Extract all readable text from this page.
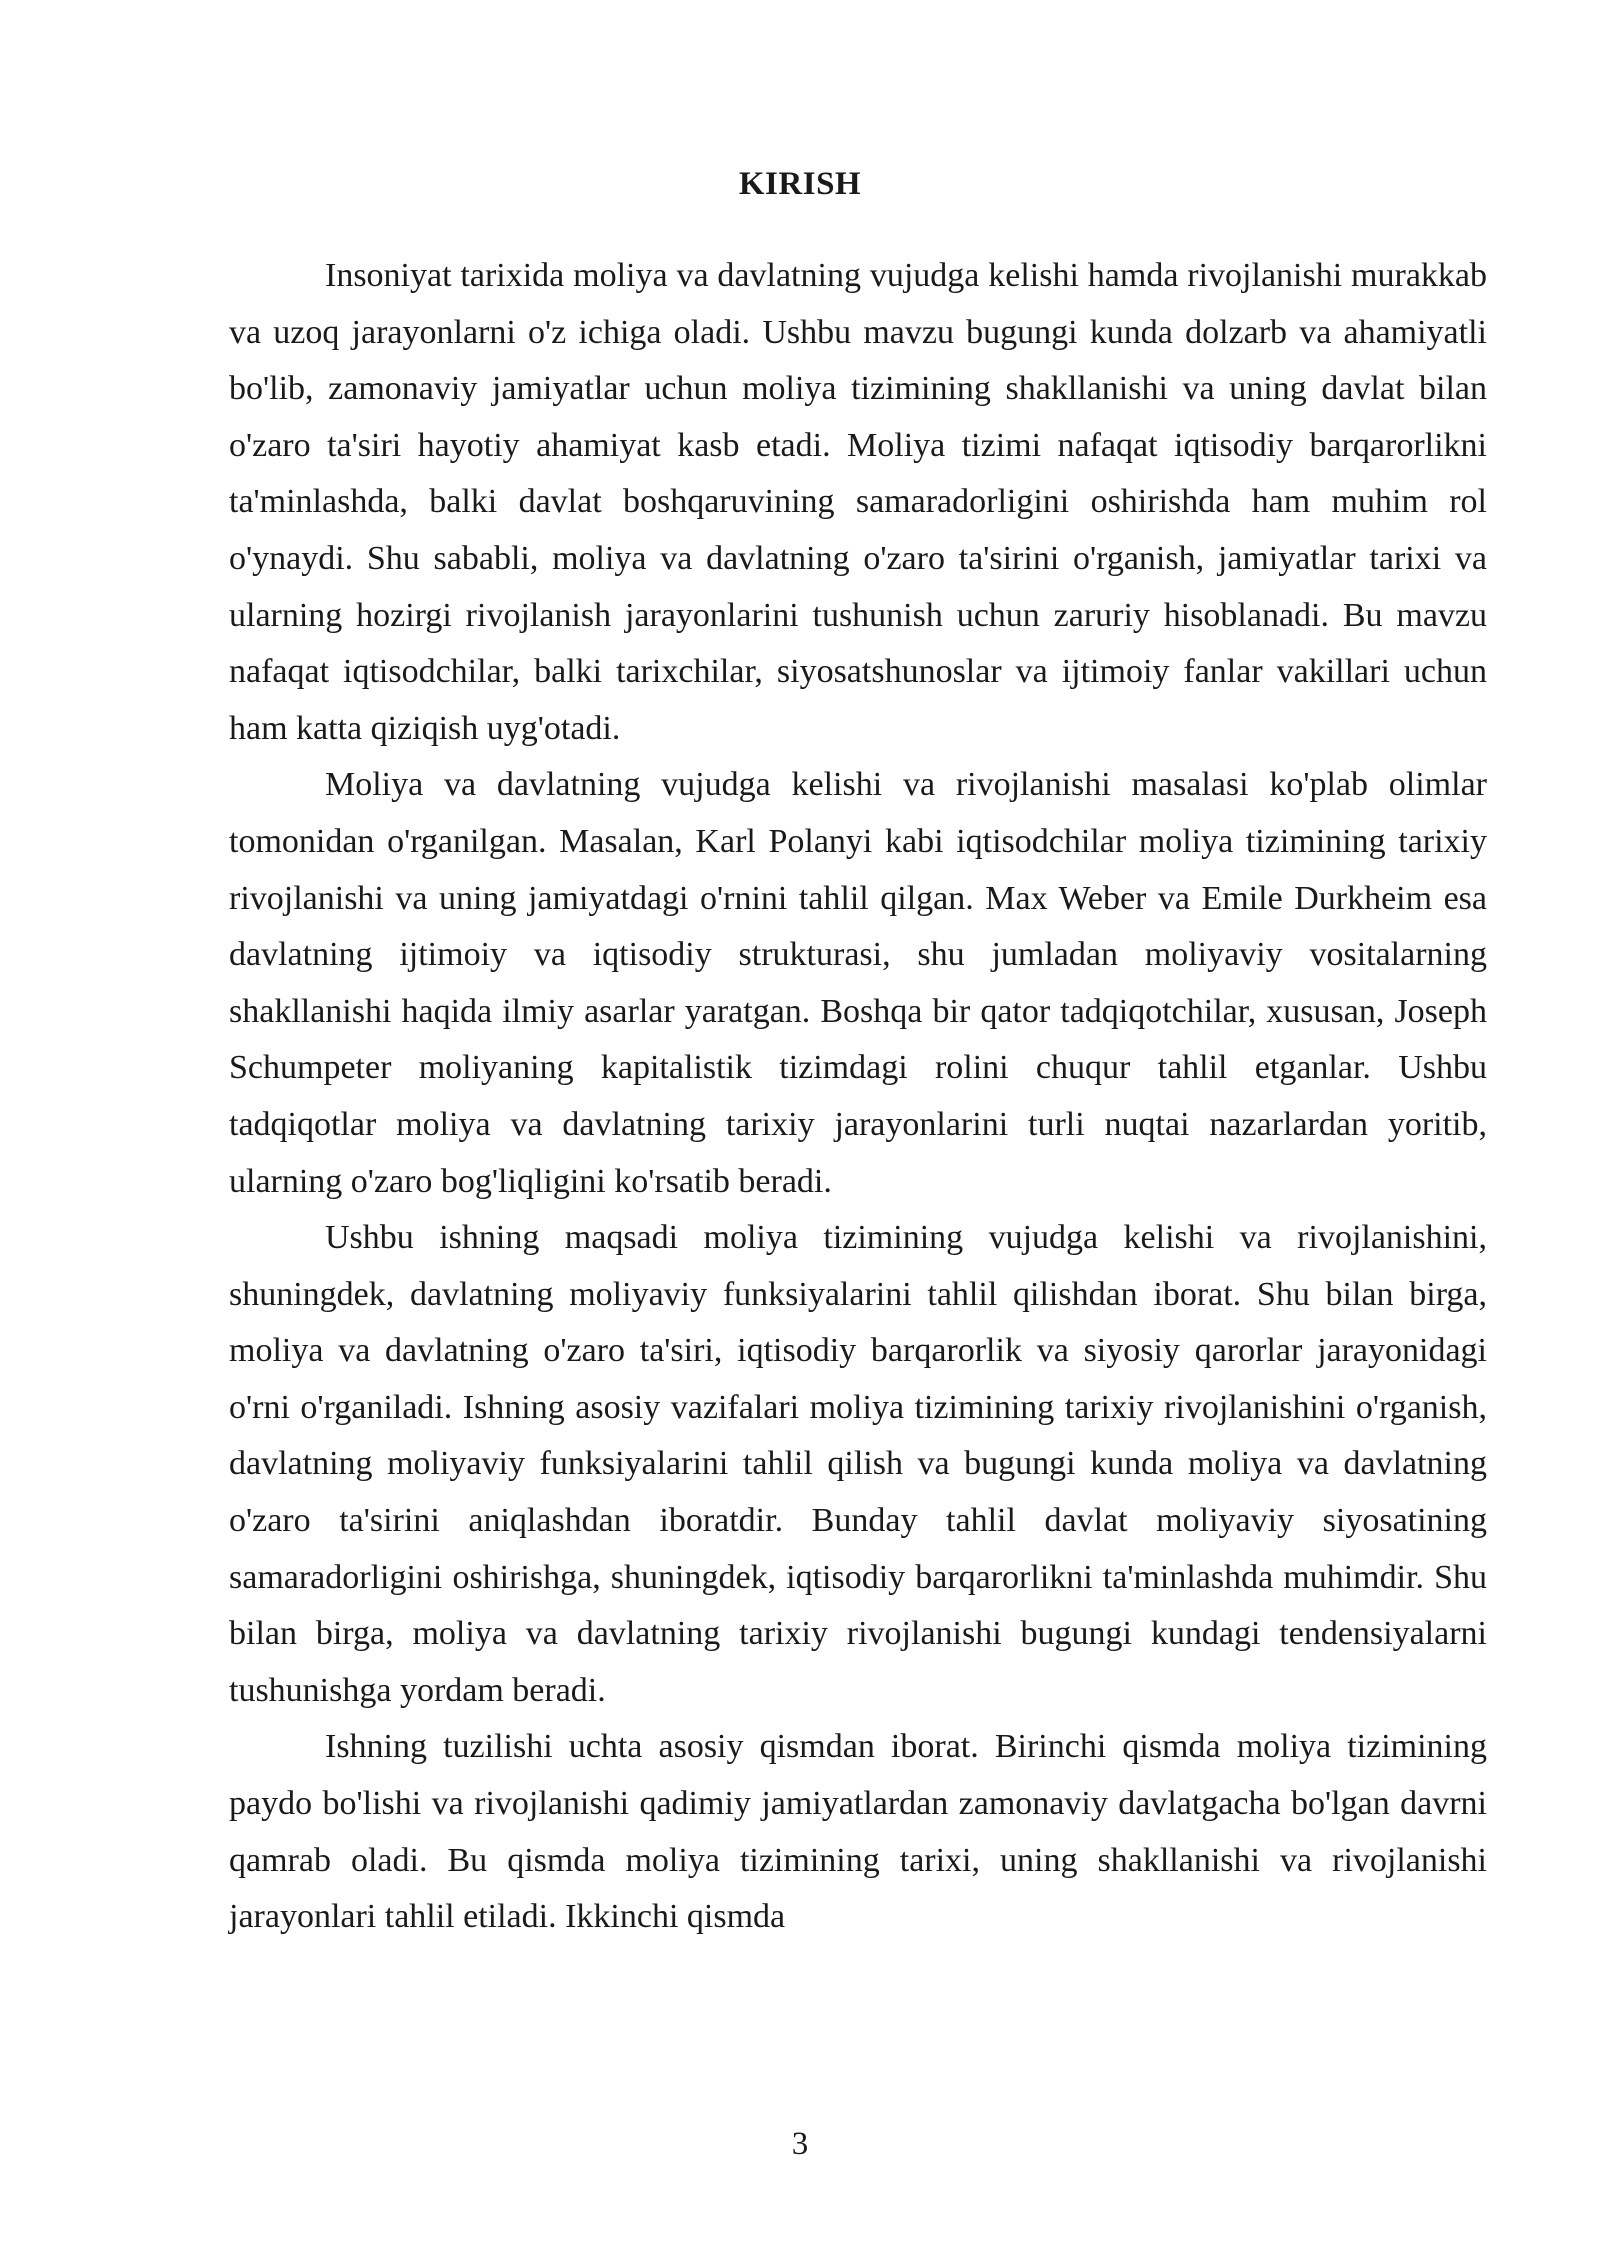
KIRISH

Insoniyat tarixida moliya va davlatning vujudga kelishi hamda rivojlanishi murakkab va uzoq jarayonlarni o'z ichiga oladi. Ushbu mavzu bugungi kunda dolzarb va ahamiyatli bo'lib, zamonaviy jamiyatlar uchun moliya tizimining shakllanishi va uning davlat bilan o'zaro ta'siri hayotiy ahamiyat kasb etadi. Moliya tizimi nafaqat iqtisodiy barqarorlikni ta'minlashda, balki davlat boshqaruvining samaradorligini oshirishda ham muhim rol o'ynaydi. Shu sababli, moliya va davlatning o'zaro ta'sirini o'rganish, jamiyatlar tarixi va ularning hozirgi rivojlanish jarayonlarini tushunish uchun zaruriy hisoblanadi. Bu mavzu nafaqat iqtisodchilar, balki tarixchilar, siyosatshunoslar va ijtimoiy fanlar vakillari uchun ham katta qiziqish uyg'otadi.

Moliya va davlatning vujudga kelishi va rivojlanishi masalasi ko'plab olimlar tomonidan o'rganilgan. Masalan, Karl Polanyi kabi iqtisodchilar moliya tizimining tarixiy rivojlanishi va uning jamiyatdagi o'rnini tahlil qilgan. Max Weber va Emile Durkheim esa davlatning ijtimoiy va iqtisodiy strukturasi, shu jumladan moliyaviy vositalarning shakllanishi haqida ilmiy asarlar yaratgan. Boshqa bir qator tadqiqotchilar, xususan, Joseph Schumpeter moliyaning kapitalistik tizimdagi rolini chuqur tahlil etganlar. Ushbu tadqiqotlar moliya va davlatning tarixiy jarayonlarini turli nuqtai nazarlardan yoritib, ularning o'zaro bog'liqligini ko'rsatib beradi.

Ushbu ishning maqsadi moliya tizimining vujudga kelishi va rivojlanishini, shuningdek, davlatning moliyaviy funksiyalarini tahlil qilishdan iborat. Shu bilan birga, moliya va davlatning o'zaro ta'siri, iqtisodiy barqarorlik va siyosiy qarorlar jarayonidagi o'rni o'rganiladi. Ishning asosiy vazifalari moliya tizimining tarixiy rivojlanishini o'rganish, davlatning moliyaviy funksiyalarini tahlil qilish va bugungi kunda moliya va davlatning o'zaro ta'sirini aniqlashdan iboratdir. Bunday tahlil davlat moliyaviy siyosatining samaradorligini oshirishga, shuningdek, iqtisodiy barqarorlikni ta'minlashda muhimdir. Shu bilan birga, moliya va davlatning tarixiy rivojlanishi bugungi kundagi tendensiyalarni tushunishga yordam beradi.

Ishning tuzilishi uchta asosiy qismdan iborat. Birinchi qismda moliya tizimining paydo bo'lishi va rivojlanishi qadimiy jamiyatlardan zamonaviy davlatgacha bo'lgan davrni qamrab oladi. Bu qismda moliya tizimining tarixi, uning shakllanishi va rivojlanishi jarayonlari tahlil etiladi. Ikkinchi qismda

3
